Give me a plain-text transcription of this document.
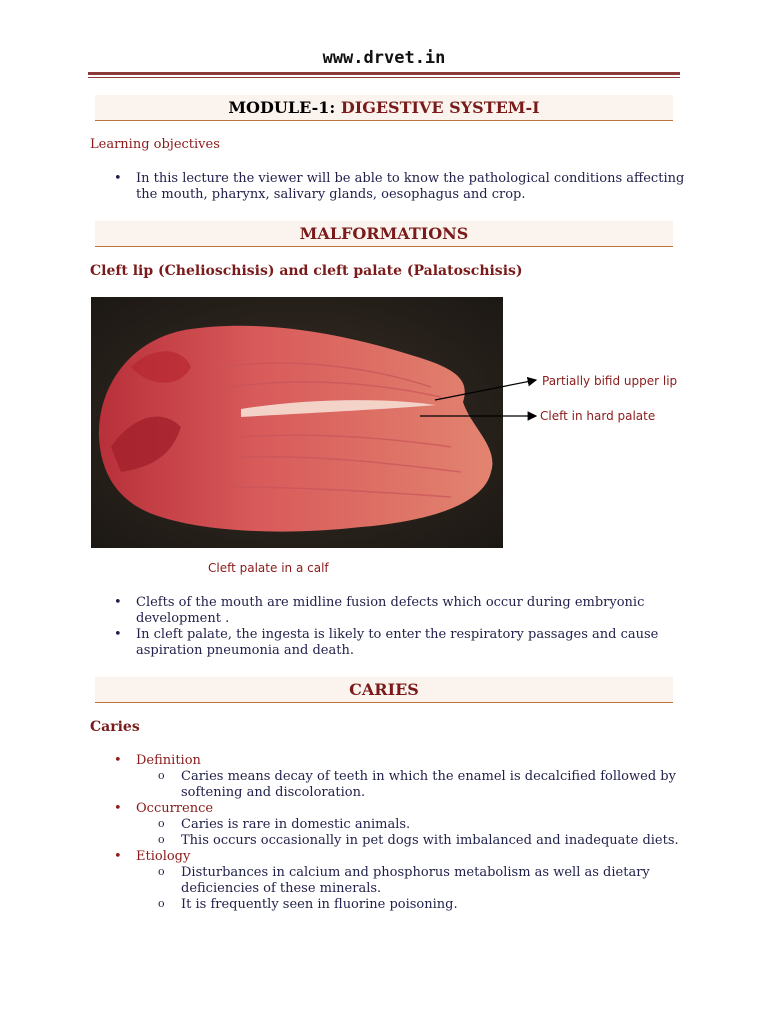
www.drvet.in
MODULE-1: DIGESTIVE SYSTEM-I
Learning objectives
• In this lecture the viewer will be able to know the pathological conditions affecting the mouth, pharynx, salivary glands, oesophagus and crop.
MALFORMATIONS
Cleft lip (Chelioschisis) and cleft palate (Palatoschisis)
Partially bifid upper lip
Cleft in hard palate
Cleft palate in a calf
• Clefts of the mouth are midline fusion defects which occur during embryonic development .
• In cleft palate, the ingesta is likely to enter the respiratory passages and cause aspiration pneumonia and death.
CARIES
Caries
• Definition
o Caries means decay of teeth in which the enamel is decalcified followed by softening and discoloration.
• Occurrence
o Caries is rare in domestic animals.
o This occurs occasionally in pet dogs with imbalanced and inadequate diets.
• Etiology
o Disturbances in calcium and phosphorus metabolism as well as dietary deficiencies of these minerals.
o It is frequently seen in fluorine poisoning.
